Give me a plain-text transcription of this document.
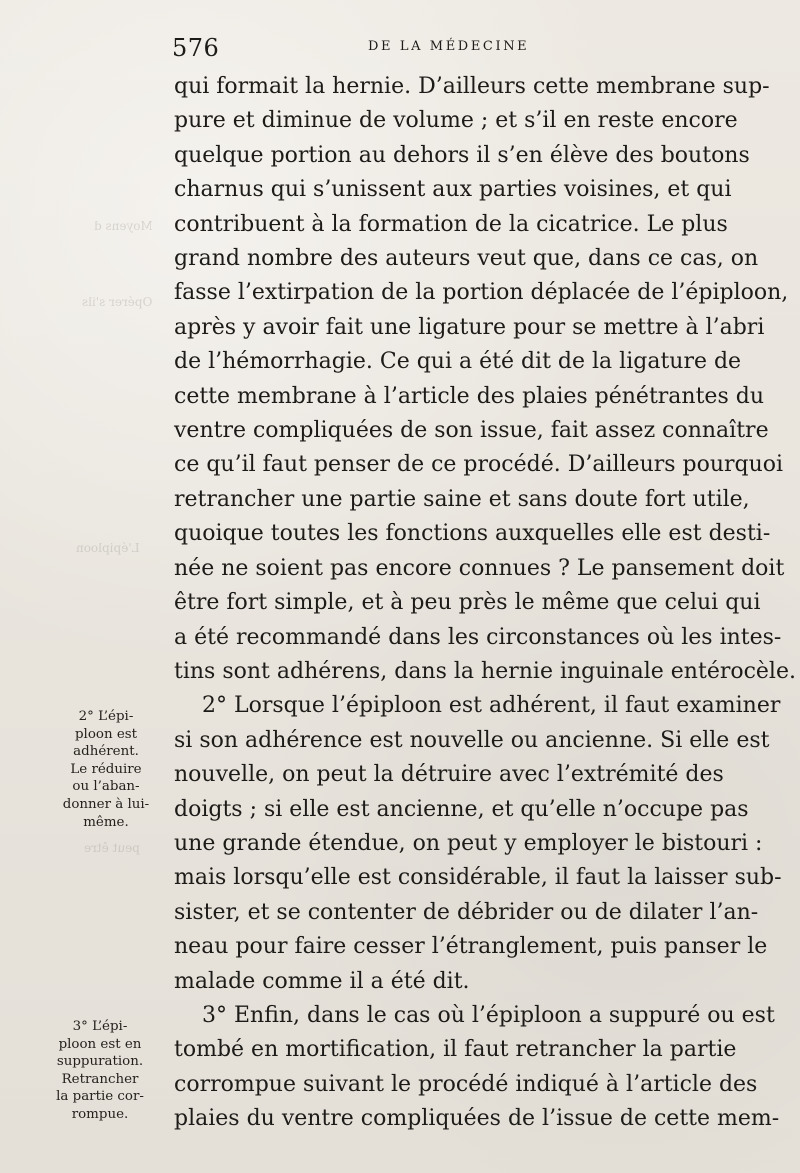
Moyens d
Opérer s'ils
L'épiploon
peut être
576	DE LA MÉDECINE
2° L’épi-
ploon est
adhérent.
Le réduire
ou l’aban-
donner à lui-
même.
3° L’épi-
ploon est en
suppuration.
Retrancher
la partie cor-
rompue.
qui formait la hernie. D’ailleurs cette membrane sup-
pure et diminue de volume ; et s’il en reste encore
quelque portion au dehors il s’en élève des boutons
charnus qui s’unissent aux parties voisines, et qui
contribuent à la formation de la cicatrice. Le plus
grand nombre des auteurs veut que, dans ce cas, on
fasse l’extirpation de la portion déplacée de l’épiploon,
après y avoir fait une ligature pour se mettre à l’abri
de l’hémorrhagie. Ce qui a été dit de la ligature de
cette membrane à l’article des plaies pénétrantes du
ventre compliquées de son issue, fait assez connaître
ce qu’il faut penser de ce procédé. D’ailleurs pourquoi
retrancher une partie saine et sans doute fort utile,
quoique toutes les fonctions auxquelles elle est desti-
née ne soient pas encore connues ? Le pansement doit
être fort simple, et à peu près le même que celui qui
a été recommandé dans les circonstances où les intes-
tins sont adhérens, dans la hernie inguinale entérocèle.
2° Lorsque l’épiploon est adhérent, il faut examiner
si son adhérence est nouvelle ou ancienne. Si elle est
nouvelle, on peut la détruire avec l’extrémité des
doigts ; si elle est ancienne, et qu’elle n’occupe pas
une grande étendue, on peut y employer le bistouri :
mais lorsqu’elle est considérable, il faut la laisser sub-
sister, et se contenter de débrider ou de dilater l’an-
neau pour faire cesser l’étranglement, puis panser le
malade comme il a été dit.
3° Enfin, dans le cas où l’épiploon a suppuré ou est
tombé en mortification, il faut retrancher la partie
corrompue suivant le procédé indiqué à l’article des
plaies du ventre compliquées de l’issue de cette mem-
